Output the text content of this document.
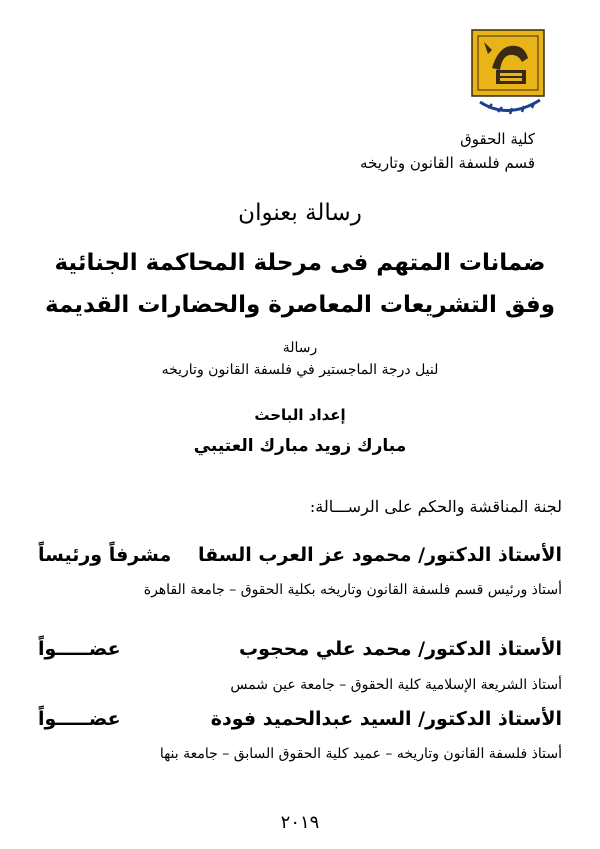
كلية الحقوق

قسم فلسفة القانون وتاريخه

رسالة بعنوان

ضمانات المتهم فى مرحلة المحاكمة الجنائية

وفق التشريعات المعاصرة والحضارات القديمة

رسالة

لنيل درجة الماجستير في فلسفة القانون وتاريخه

إعداد الباحث

مبارك زويد مبارك العتيبي

لجنة المناقشة والحكم على الرســـالة:

الأستاذ الدكتور/ محمود عز العرب السقا
مشرفاً ورئيساً

أستاذ ورئيس قسم فلسفة القانون وتاريخه بكلية الحقوق – جامعة القاهرة

الأستاذ الدكتور/ محمد علي محجوب
عضـــــواً

أستاذ الشريعة الإسلامية كلية الحقوق – جامعة عين شمس

الأستاذ الدكتور/ السيد عبدالحميد فودة
عضـــــواً

أستاذ فلسفة القانون وتاريخه – عميد كلية الحقوق السابق – جامعة بنها

٢٠١٩
